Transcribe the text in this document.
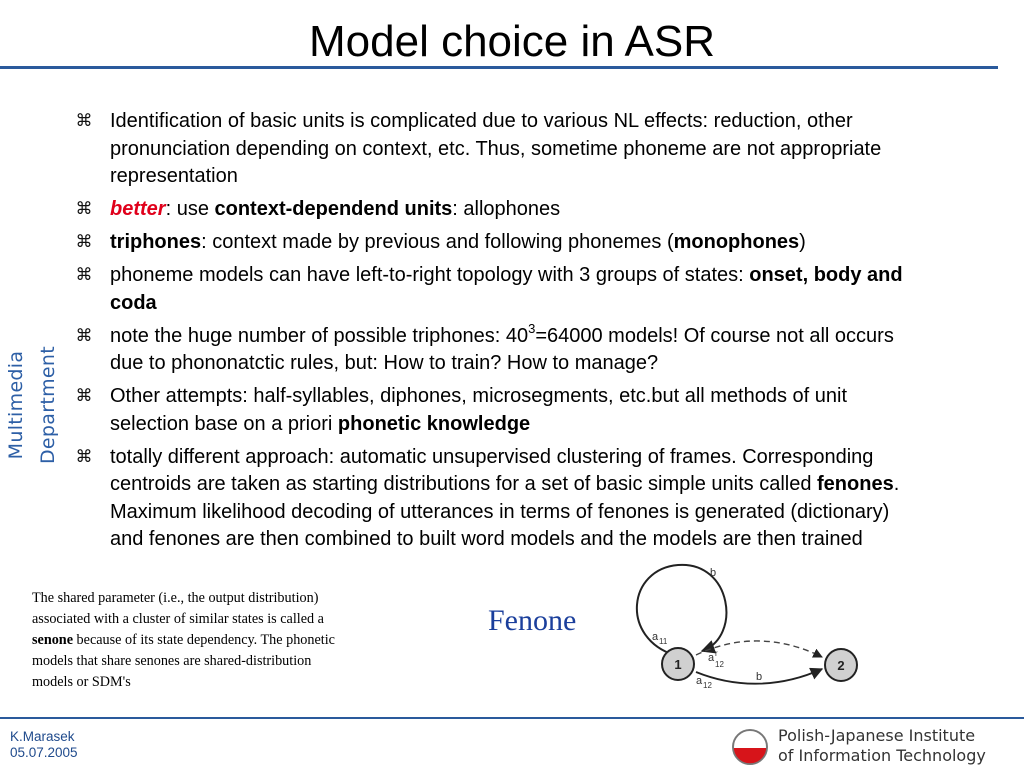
Model choice in ASR
Multimedia Department
⌘ Identification of basic units is complicated due to various NL effects: reduction, other pronunciation depending on context, etc. Thus, sometime phoneme are not appropriate representation
⌘ better: use context-dependend units: allophones
⌘ triphones: context made by previous and following phonemes (monophones)
⌘ phoneme models can have left-to-right topology with 3 groups of states: onset, body and coda
⌘ note the huge number of possible triphones: $40^3=64000$ models! Of course not all occurs due to phononatctic rules, but: How to train? How to manage?
⌘ Other attempts: half-syllables, diphones, microsegments, etc.but all methods of unit selection base on a priori phonetic knowledge
⌘ totally different approach: automatic unsupervised clustering of frames. Corresponding centroids are taken as starting distributions for a set of basic simple units called fenones. Maximum likelihood decoding of utterances in terms of fenones is generated (dictionary) and fenones are then combined to built word models and the models are then trained
The shared parameter (i.e., the output distribution) associated with a cluster of similar states is called a senone because of its state dependency. The phonetic models that share senones are shared-distribution models or SDM's
Fenone
1	2
b
a 11
a r
12
a 12
b
K.Marasek
05.07.2005
Polish-Japanese Institute
of Information Technology
